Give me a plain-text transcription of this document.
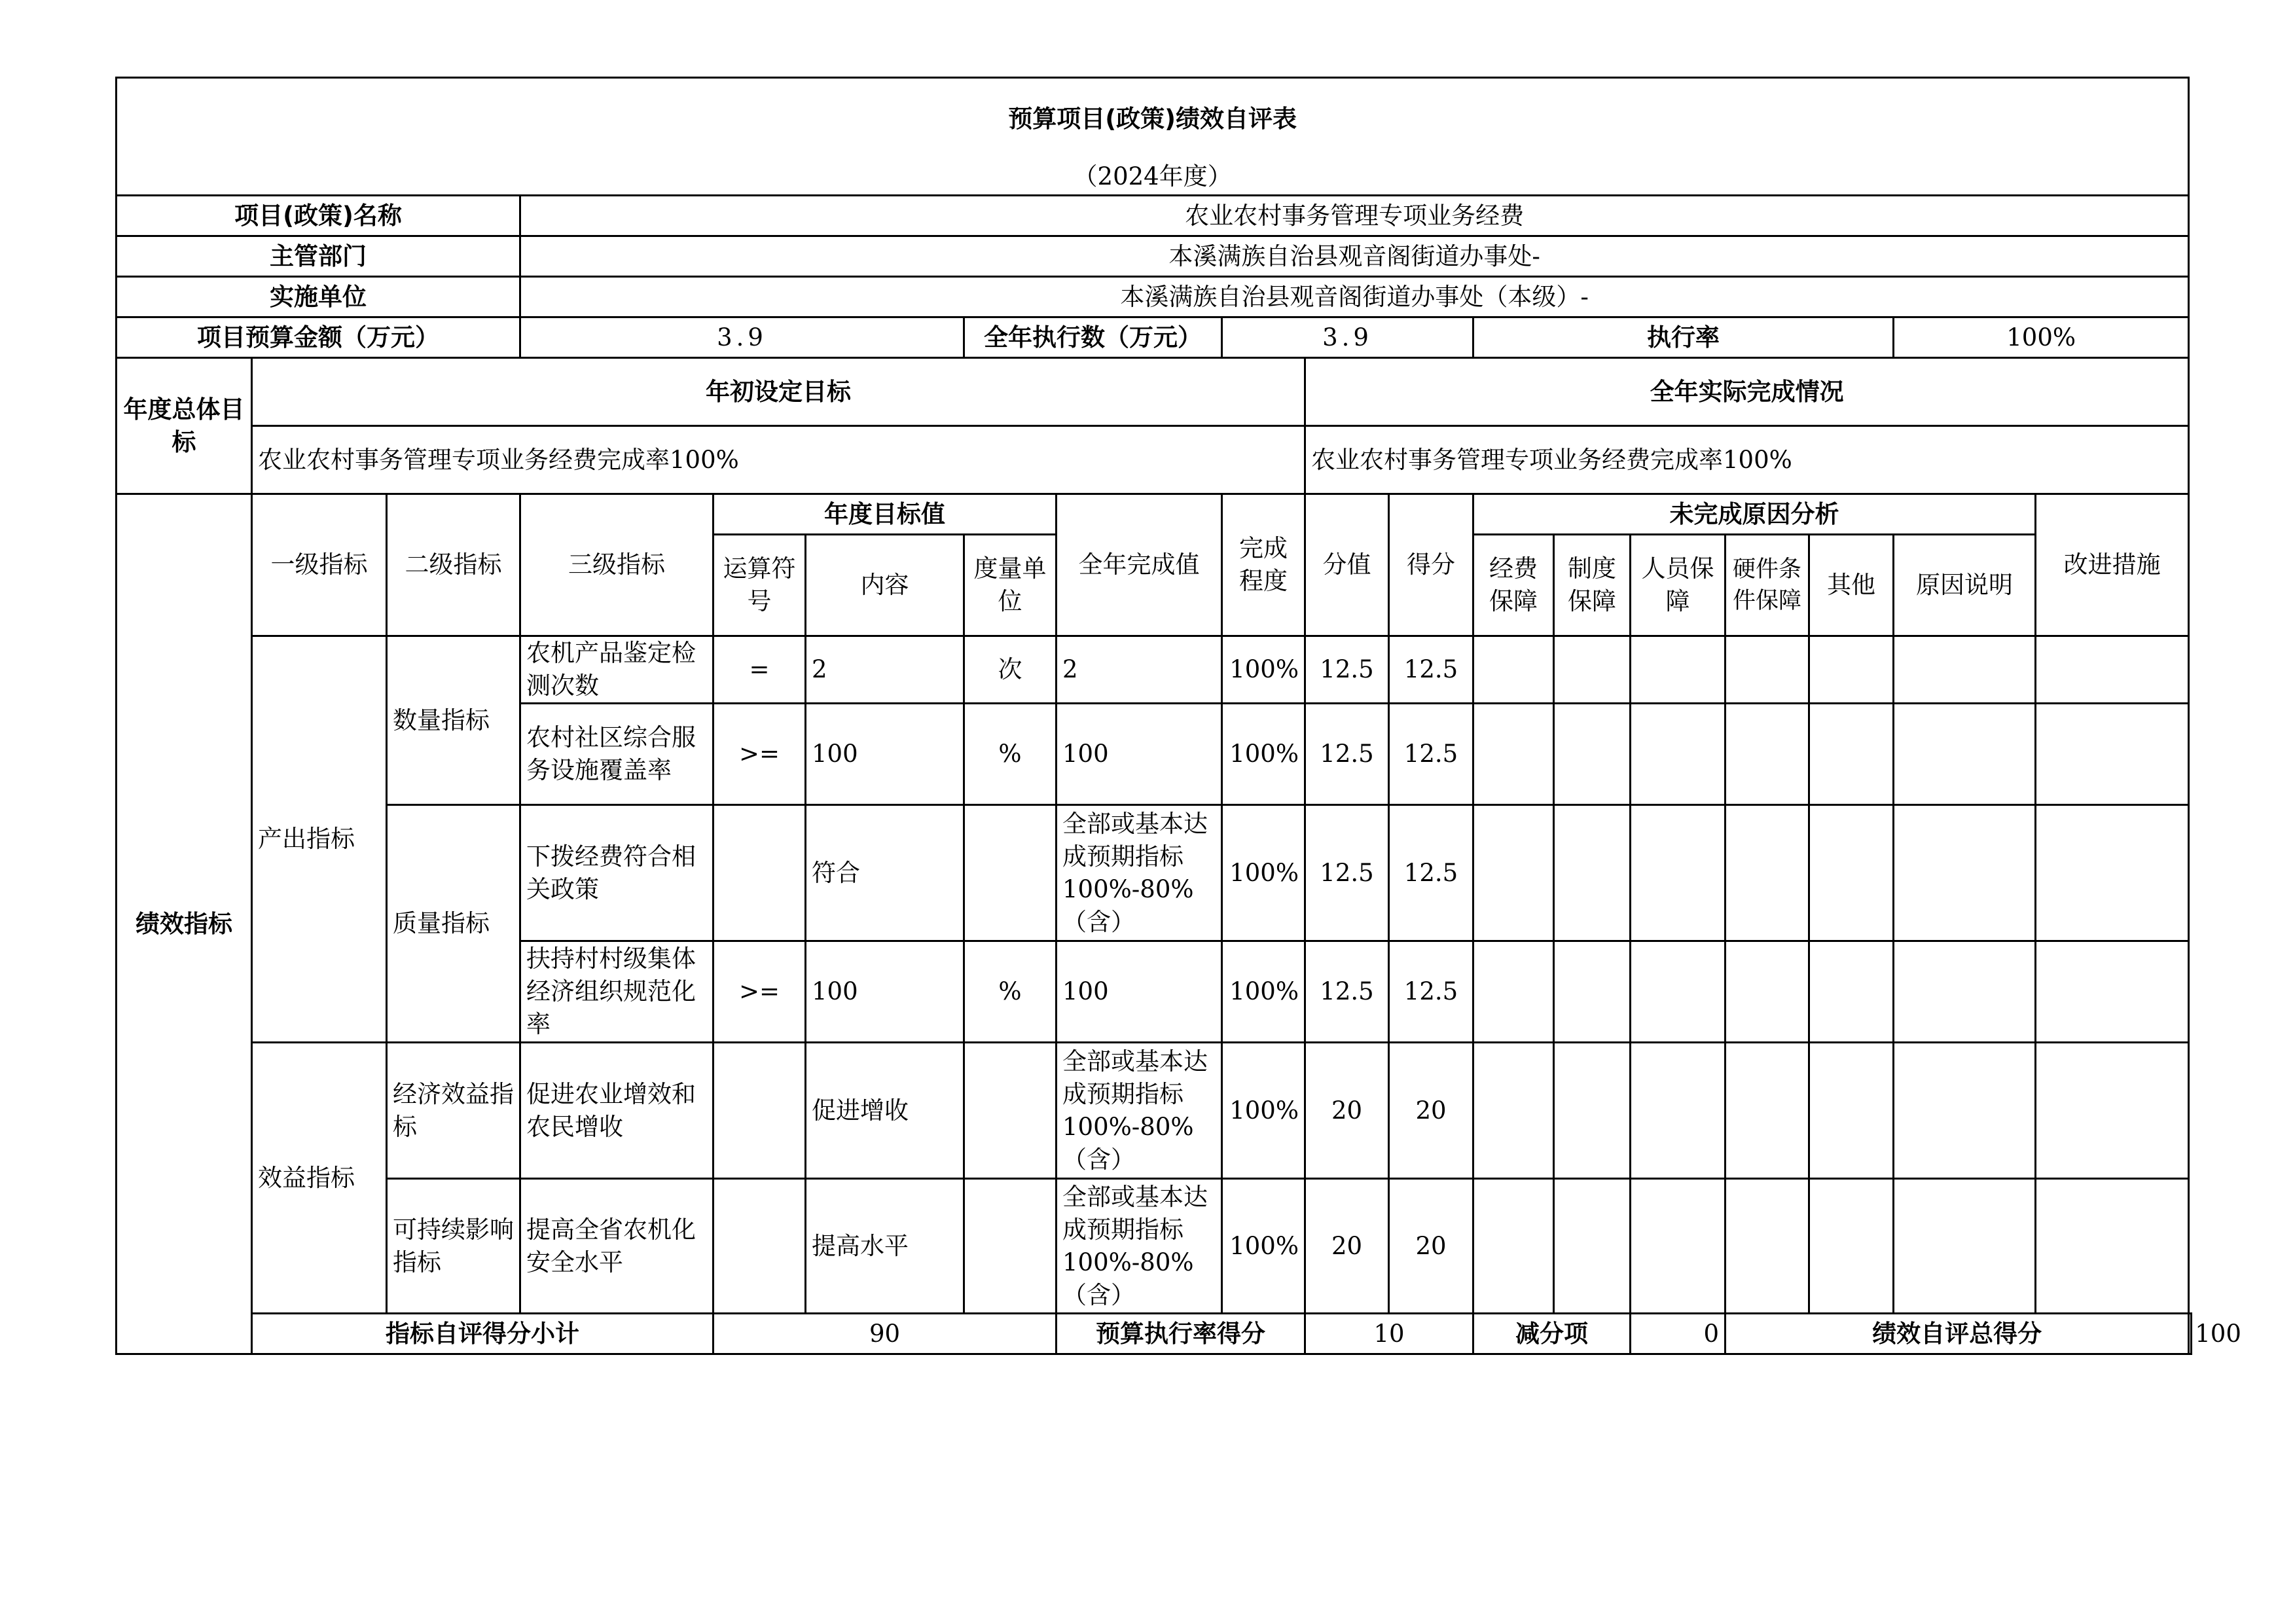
预算项目(政策)绩效自评表																		
（2024年度）																		
项目(政策)名称			农业农村事务管理专项业务经费															
主管部门			本溪满族自治县观音阁街道办事处-															
实施单位			本溪满族自治县观音阁街道办事处（本级）-															
项目预算金额（万元）			3.9			全年执行数（万元）		3.9			执行率					100%		
年度总体目标	年初设定目标								全年实际完成情况									
	农业农村事务管理专项业务经费完成率100%								农业农村事务管理专项业务经费完成率100%									
绩效指标	一级指标	二级指标	三级指标	年度目标值			全年完成值	完成程度	分值	得分	未完成原因分析						改进措施	
				运算符号	内容	度量单位					经费保障	制度保障	人员保障	硬件条件保障	其他	原因说明		
	产出指标	数量指标	农机产品鉴定检测次数	=	2	次	2	100%	12.5	12.5								
			农村社区综合服务设施覆盖率	>=	100	%	100	100%	12.5	12.5								
		质量指标	下拨经费符合相关政策		符合		全部或基本达成预期指标100%-80%（含）	100%	12.5	12.5								
			扶持村村级集体经济组织规范化率	>=	100	%	100	100%	12.5	12.5								
	效益指标	经济效益指标	促进农业增效和农民增收		促进增收		全部或基本达成预期指标100%-80%（含）	100%	20	20								
		可持续影响指标	提高全省农机化安全水平		提高水平		全部或基本达成预期指标100%-80%（含）	100%	20	20								
	指标自评得分小计			90			预算执行率得分		10		减分项		0	绩效自评总得分				100
